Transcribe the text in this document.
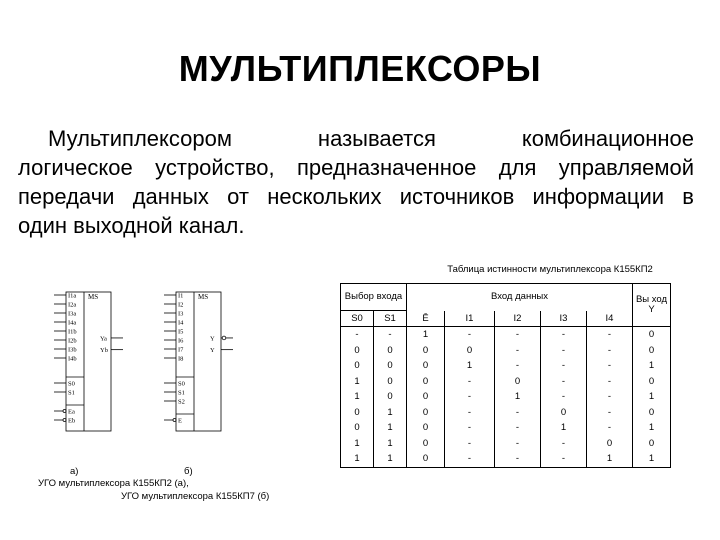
МУЛЬТИПЛЕКСОРЫ
Мультиплексором называется комбинационное
логическое устройство, предназначенное для управляемой
передачи данных от нескольких источников информации в
один выходной канал.
Таблица истинности мультиплексора К155КП2
Выбор входа		Вход данных					Вы ход Y

S0	S1	Ē	I1	I2	I3	I4	
-	-	1	-	-	-	-	0
0	0	0	0	-	-	-	0
0	0	0	1	-	-	-	1
1	0	0	-	0	-	-	0
1	0	0	-	1	-	-	1
0	1	0	-	-	0	-	0
0	1	0	-	-	1	-	1
1	1	0	-	-	-	0	0
1	1	0	-	-	-	1	1
MS
I1a
I2a
I3a
I4a
I1b
I2b
I3b
I4b
S0
S1
Ea
Eb
Ya
Yb
MS
I1
I2
I3
I4
I5
I6
I7
I8
S0
S1
S2
E
Y
Y
а)	б)
УГО мультиплексора К155КП2 (а),
УГО мультиплексора К155КП7 (б)
